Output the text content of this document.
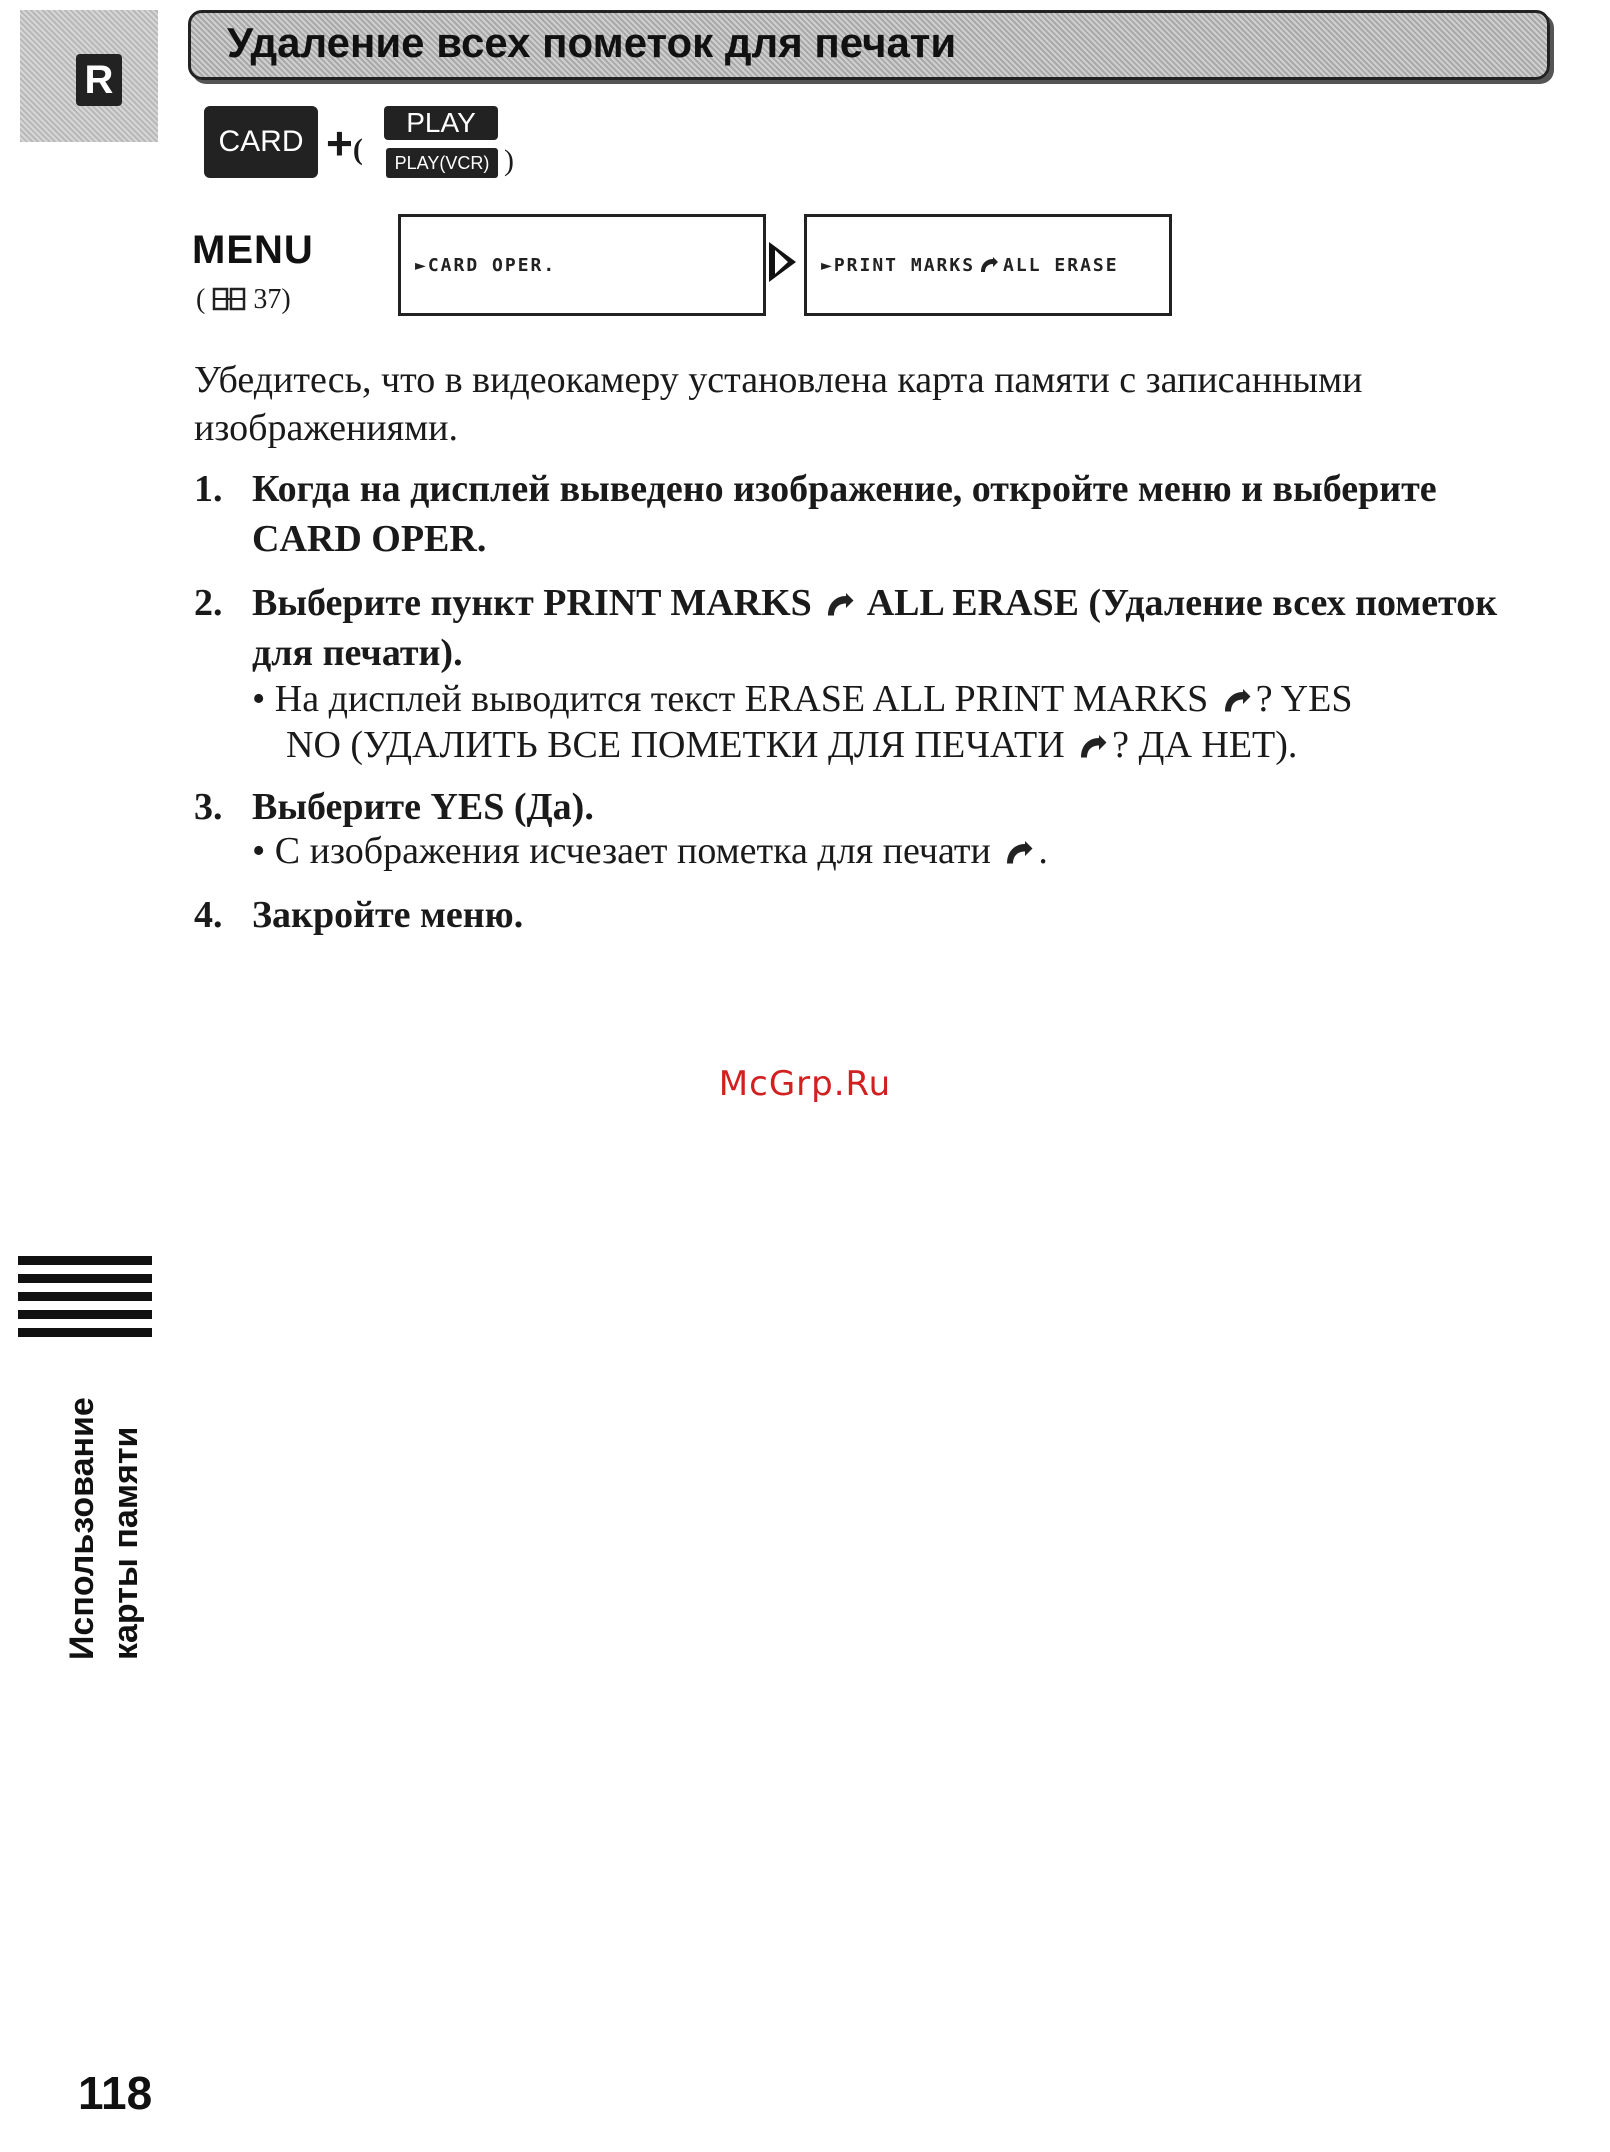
R
Удаление всех пометок для печати
CARD +(
PLAY
PLAY(VCR) )
MENU
( 37)
►CARD OPER.	►PRINT MARKS ALL ERASE
Убедитесь, что в видеокамеру установлена карта памяти с записанными изображениями.
1. Когда на дисплей выведено изображение, откройте меню и выберите CARD OPER.
2. Выберите пункт PRINT MARKS ALL ERASE (Удаление всех пометок для печати).
• На дисплей выводится текст ERASE ALL PRINT MARKS ? YES
NO (УДАЛИТЬ ВСЕ ПОМЕТКИ ДЛЯ ПЕЧАТИ ? ДА НЕТ).
3. Выберите YES (Да).
• С изображения исчезает пометка для печати .
4. Закройте меню.
McGrp.Ru
Использование карты памяти
118
